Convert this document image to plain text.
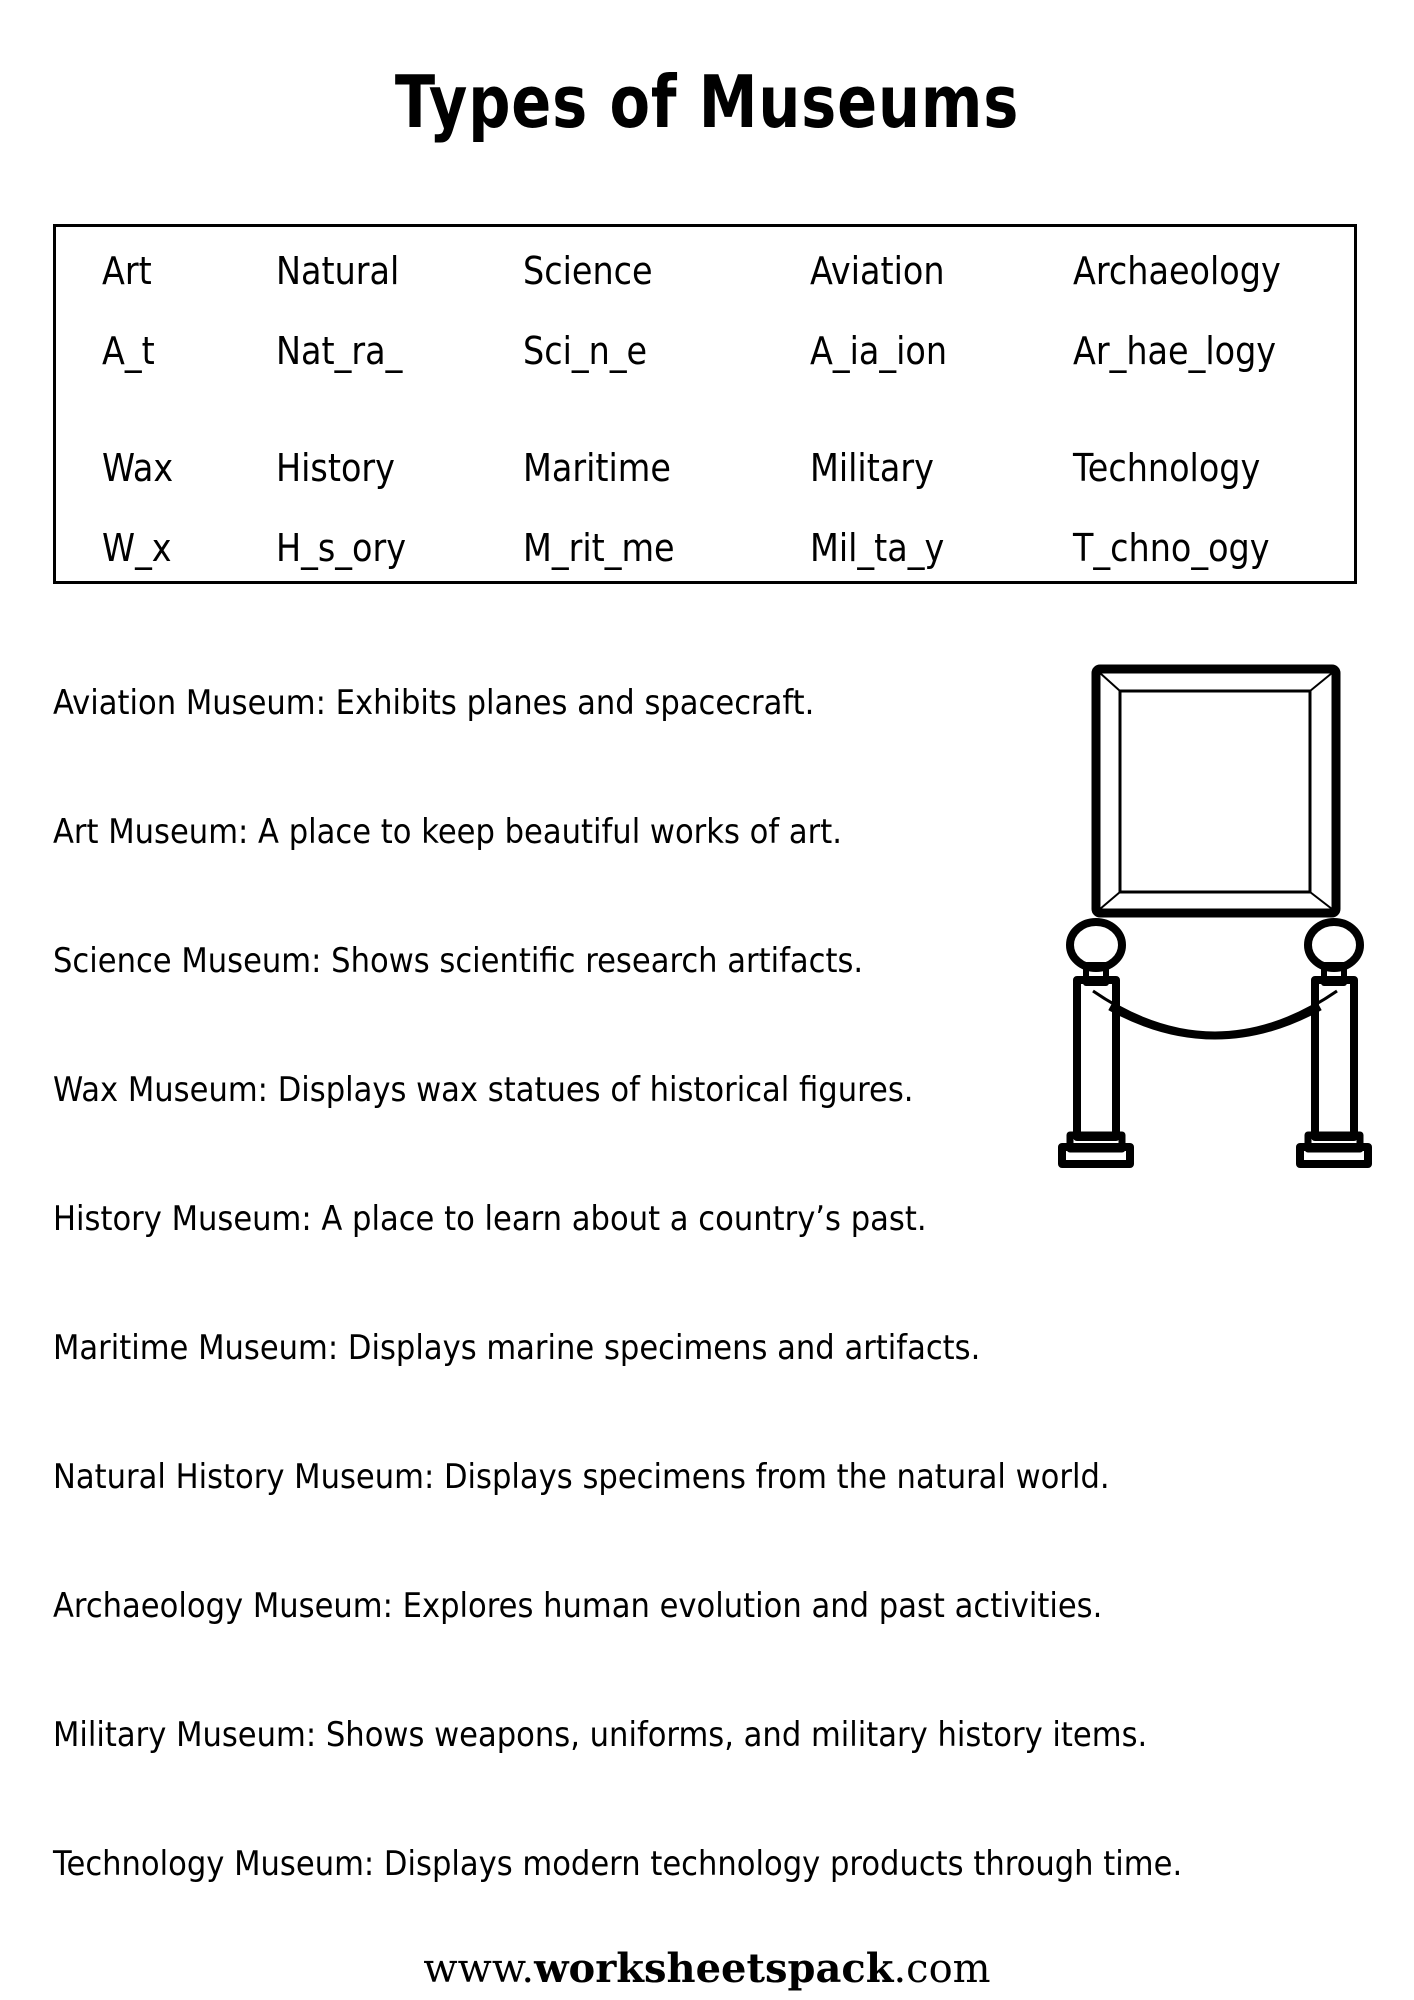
Types of Museums
Art	Natural	Science	Aviation	Archaeology
A_t	Nat_ra_	Sci_n_e	A_ia_ion	Ar_hae_logy
Wax	History	Maritime	Military	Technology
W_x	H_s_ory	M_rit_me	Mil_ta_y	T_chno_ogy
Aviation Museum: Exhibits planes and spacecraft.
Art Museum: A place to keep beautiful works of art.
Science Museum: Shows scientific research artifacts.
Wax Museum: Displays wax statues of historical figures.
History Museum: A place to learn about a country’s past.
Maritime Museum: Displays marine specimens and artifacts.
Natural History Museum: Displays specimens from the natural world.
Archaeology Museum: Explores human evolution and past activities.
Military Museum: Shows weapons, uniforms, and military history items.
Technology Museum: Displays modern technology products through time.
www.worksheetspack.com
